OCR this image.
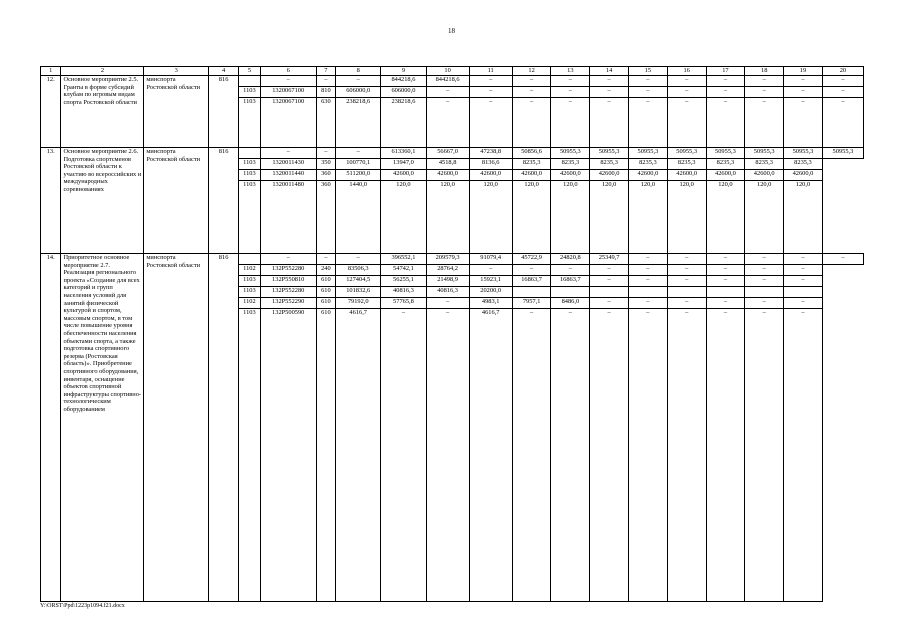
18
1	2	3	4	5	6	7	8	9	10	11	12	13	14	15	16	17	18	19	20
12.	Основное мероприятие 2.5. Гранты в форме субсидий клубам по игровым видам спорта Ростовской области	минспорта Ростовской области	816		–	–	–	844218,6	844218,6	–	–	–	–	–	–	–	–	–	–
				1103	1320067100	810	606000,0	606000,0	–	–	–	–	–	–	–	–	–	–	–
				1103	1320067100	630	238218,6	238218,6	–	–	–	–	–	–	–	–	–	–	–
13.	Основное мероприятие 2.6. Подготовка спортсменов Ростовской области к участию во всероссийских и международных соревнованиях	минспорта Ростовской области	816		–	–	–	613360,1	56667,0	47238,8	50856,6	50955,3	50955,3	50955,3	50955,3	50955,3	50955,3	50955,3	50955,3
				1103	1320011430	350	100770,1	13947,0	4518,8	8136,6	8235,3	8235,3	8235,3	8235,3	8235,3	8235,3	8235,3	8235,3	
				1103	1320011440	360	511200,0	42600,0	42600,0	42600,0	42600,0	42600,0	42600,0	42600,0	42600,0	42600,0	42600,0	42600,0	
				1103	1320011480	360	1440,0	120,0	120,0	120,0	120,0	120,0	120,0	120,0	120,0	120,0	120,0	120,0	
14.	Приоритетное основное мероприятие 2.7. Реализация регионального проекта «Создание для всех категорий и групп населения условий для занятий физической культурой и спортом, массовым спортом, в том числе повышение уровня обеспеченности населения объектами спорта, а также подготовка спортивного резерва (Ростовская область)». Приобретение спортивного оборудования, инвентаря, оснащение объектов спортивной инфраструктуры спортивно-технологическим оборудованием	минспорта Ростовской области	816		–	–	–	396552,1	209579,3	91079,4	45722,9	24820,8	25349,7	–	–	–	–	–	–
				1102	132P552280	240	83506,3	54742,1	28764,2	–	–	–	–	–	–	–	–	–	
				1103	132P550810	610	127404,5	56255,1	21498,9	15923,1	16863,7	16863,7	–	–	–	–	–	–	
				1103	132P552280	610	101832,6	40816,3	40816,3	20200,0									
				1102	132P552290	610	79192,0	57765,8	–	4983,1	7957,1	8486,0	–	–	–	–	–	–	
				1103	132P500590	610	4616,7	–	–	4616,7	–	–	–	–	–	–	–	–	
Y:\ORST\Ppd\1223p1094.f21.docx
